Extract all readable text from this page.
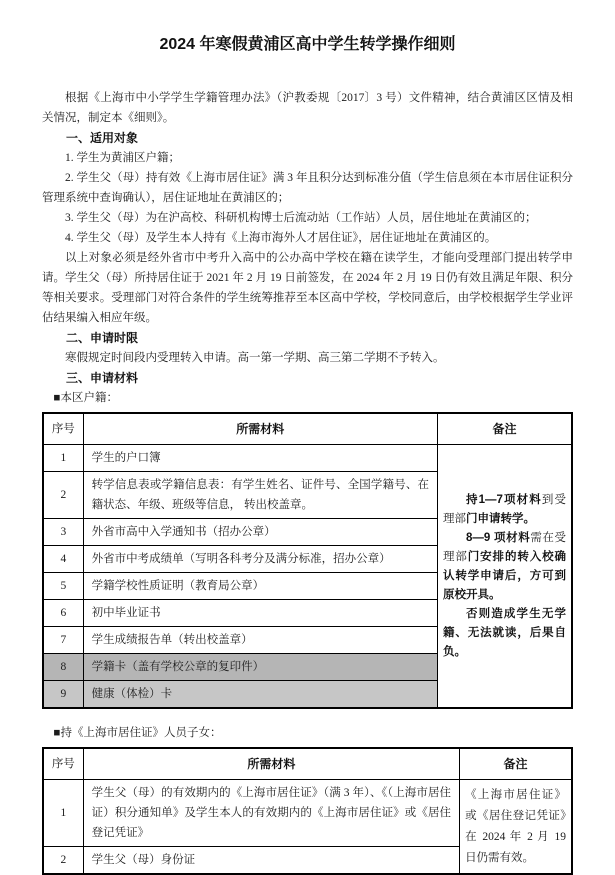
2024 年寒假黄浦区高中学生转学操作细则

根据《上海市中小学学生学籍管理办法》（沪教委规〔2017〕3 号）文件精神，结合黄浦区区情及相关情况，制定本《细则》。

一、适用对象

1. 学生为黄浦区户籍；

2. 学生父（母）持有效《上海市居住证》满 3 年且积分达到标准分值（学生信息须在本市居住证积分管理系统中查询确认），居住证地址在黄浦区的；

3. 学生父（母）为在沪高校、科研机构博士后流动站（工作站）人员，居住地址在黄浦区的；

4. 学生父（母）及学生本人持有《上海市海外人才居住证》，居住证地址在黄浦区的。

以上对象必须是经外省市中考升入高中的公办高中学校在籍在读学生，才能向受理部门提出转学申请。学生父（母）所持居住证于 2021 年 2 月 19 日前签发，在 2024 年 2 月 19 日仍有效且满足年限、积分等相关要求。受理部门对符合条件的学生统筹推荐至本区高中学校，学校同意后，由学校根据学生学业评估结果编入相应年级。

二、申请时限

寒假规定时间段内受理转入申请。高一第一学期、高三第二学期不予转入。

三、申请材料

■本区户籍：

序号	所需材料	备注
1	学生的户口簿	持1—7项材料到受理部门申请转学。

8—9 项材料需在受理部门安排的转入校确认转学申请后，方可到原校开具。

否则造成学生无学籍、无法就读，后果自负。

2	转学信息表或学籍信息表：有学生姓名、证件号、全国学籍号、在籍状态、年级、班级等信息， 转出校盖章。	
3	外省市高中入学通知书（招办公章）	
4	外省市中考成绩单（写明各科考分及满分标准，招办公章）	
5	学籍学校性质证明（教育局公章）	
6	初中毕业证书	
7	学生成绩报告单（转出校盖章）	
8	学籍卡（盖有学校公章的复印件）	
9	健康（体检）卡	

■持《上海市居住证》人员子女：

序号	所需材料	备注
1	学生父（母）的有效期内的《上海市居住证》（满 3 年）、《（上海市居住证）积分通知单》及学生本人的有效期内的《上海市居住证》或《居住登记凭证》	《上海市居住证》或《居住登记凭证》在 2024 年 2 月 19 日仍需有效。

2	学生父（母）身份证	
